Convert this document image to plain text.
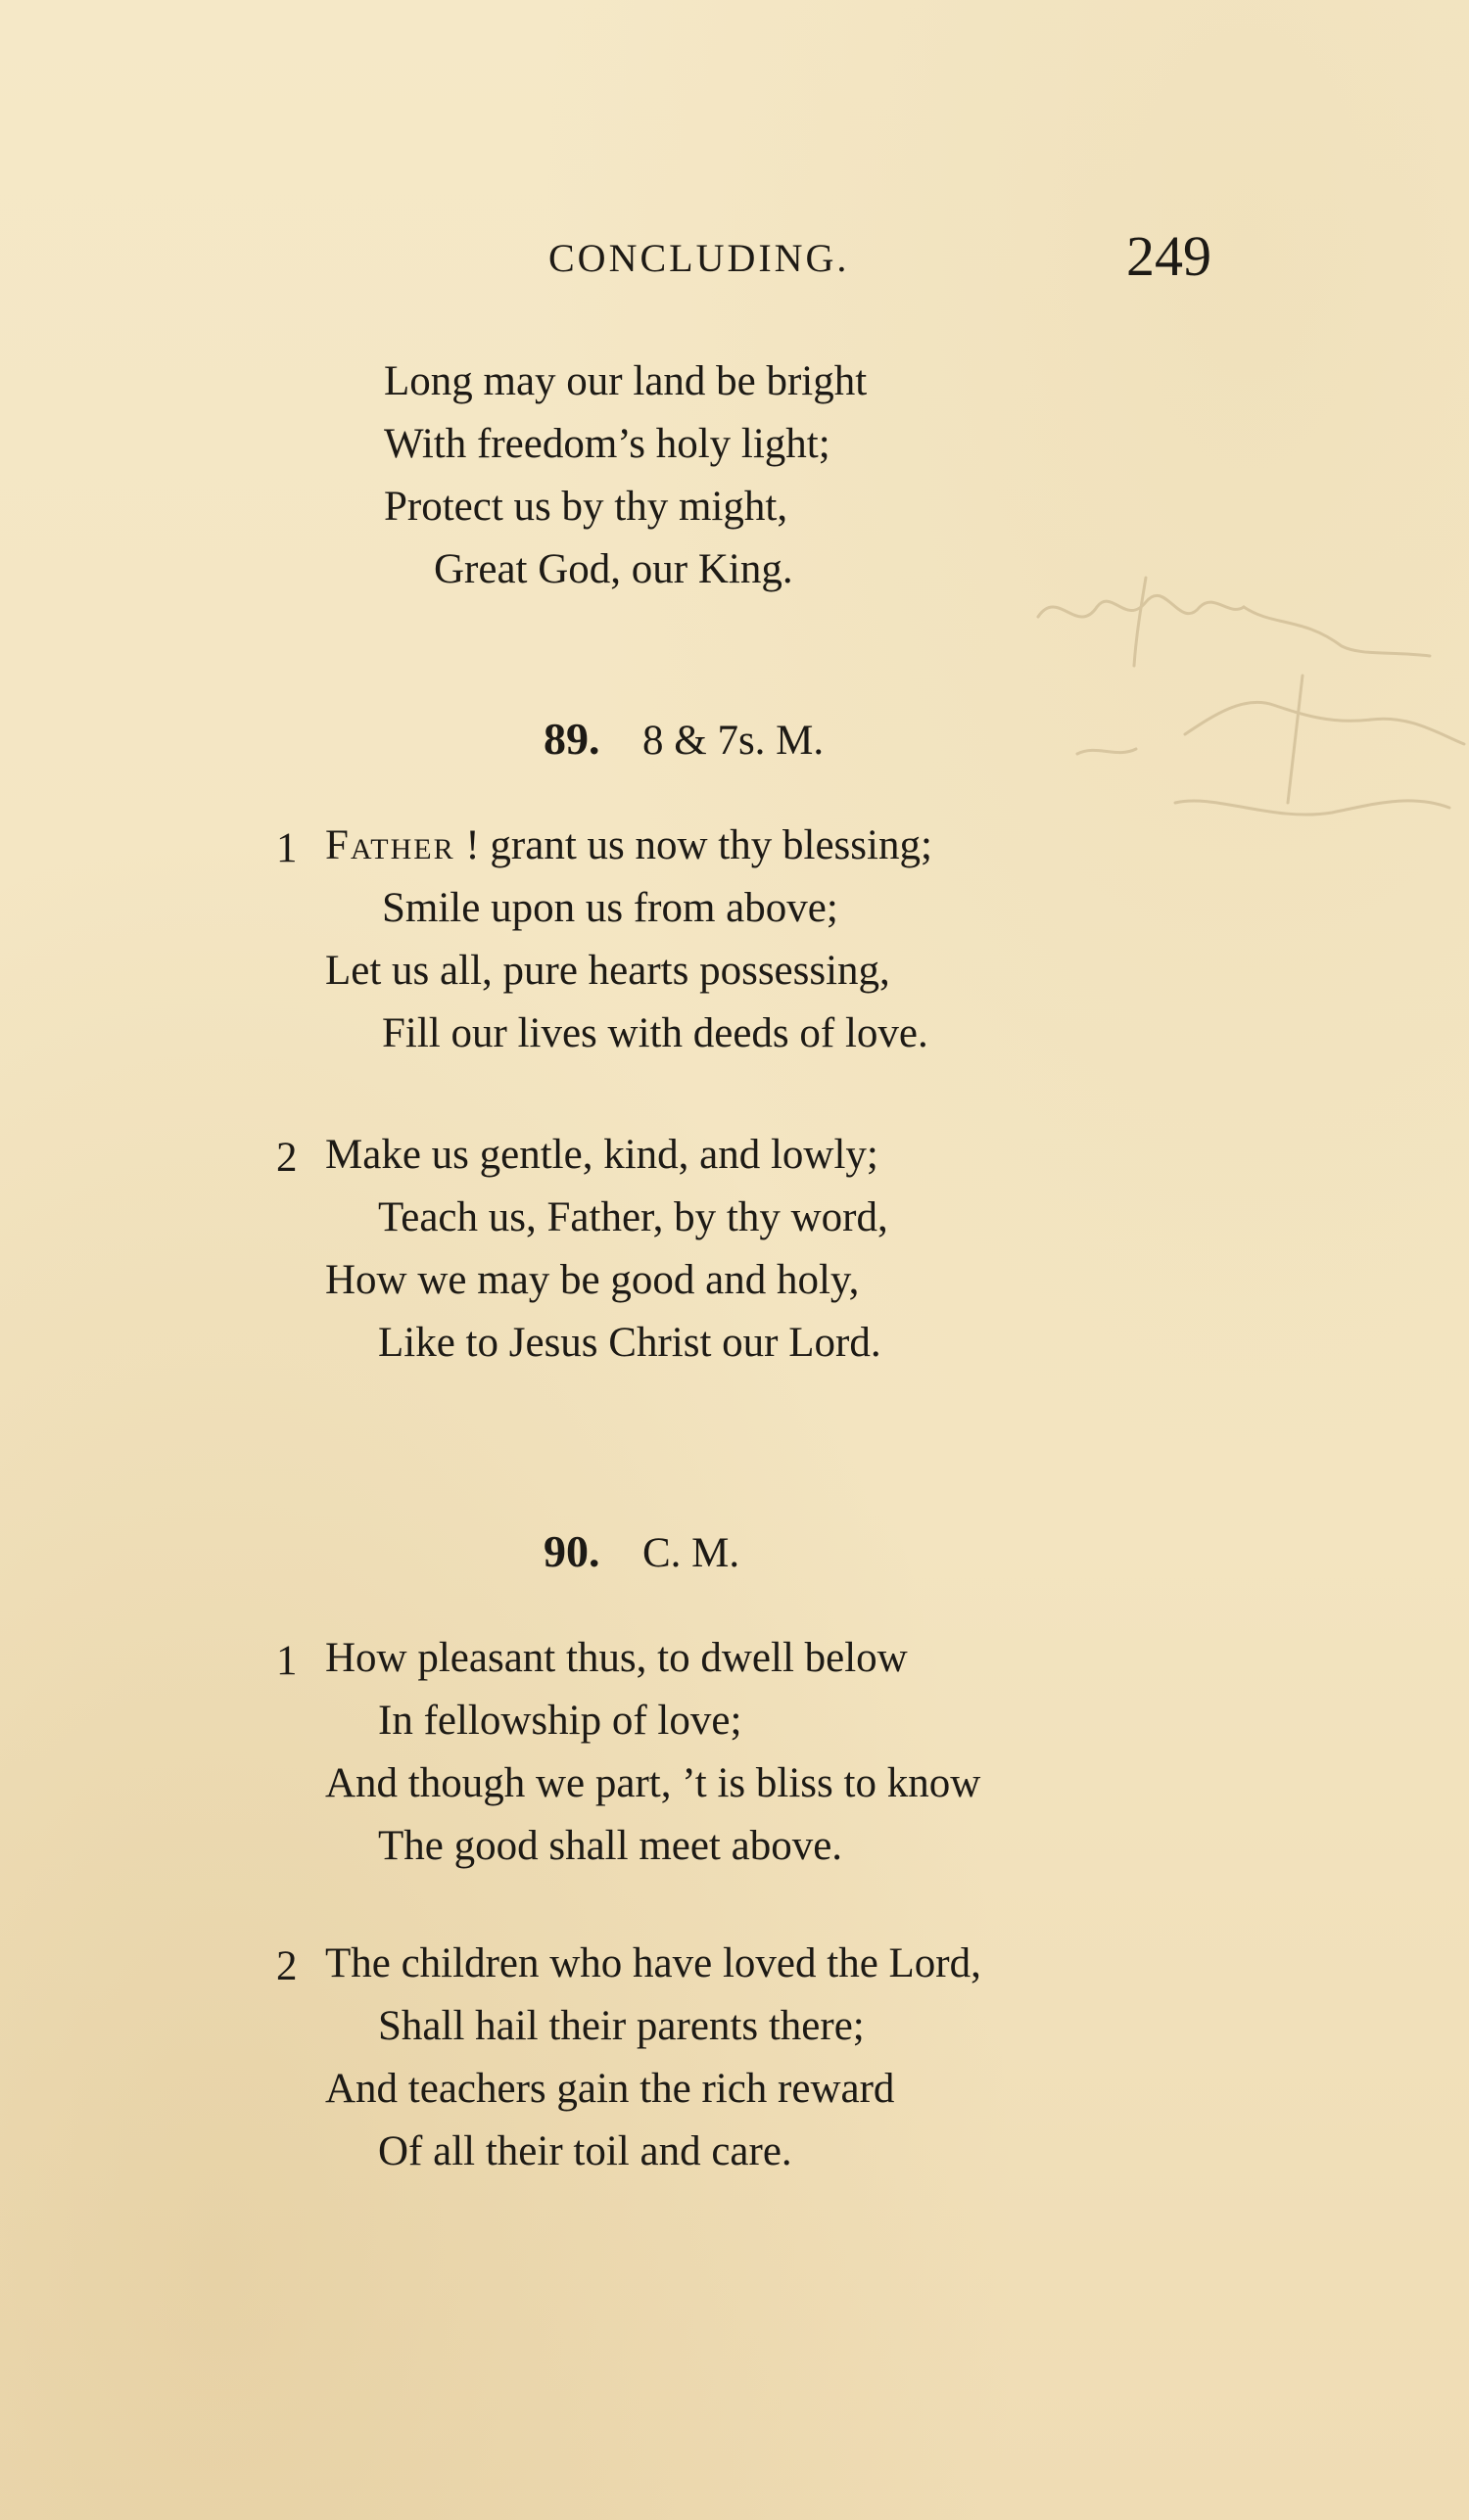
CONCLUDING.	249
Long may our land be bright
With freedom’s holy light;
Protect us by thy might,
Great God, our King.
89. 8 & 7s. M.
1 Father ! grant us now thy blessing;
Smile upon us from above;
Let us all, pure hearts possessing,
Fill our lives with deeds of love.
2 Make us gentle, kind, and lowly;
Teach us, Father, by thy word,
How we may be good and holy,
Like to Jesus Christ our Lord.
90. C. M.
1 How pleasant thus, to dwell below
In fellowship of love;
And though we part, ’t is bliss to know
The good shall meet above.
2 The children who have loved the Lord,
Shall hail their parents there;
And teachers gain the rich reward
Of all their toil and care.
